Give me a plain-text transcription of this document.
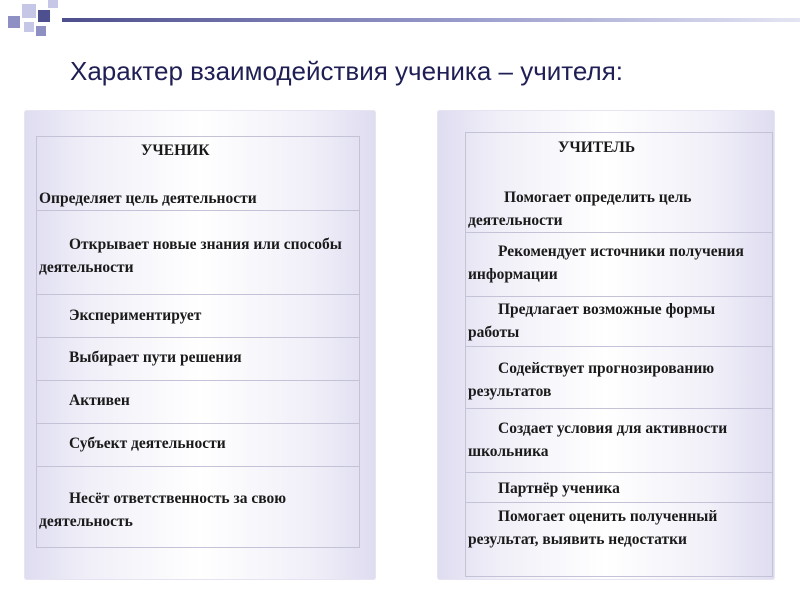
Характер взаимодействия ученика – учителя:
УЧЕНИК
Определяет цель деятельности
Открывает новые знания или способы деятельности
Экспериментирует
Выбирает пути решения
Активен
Субъект деятельности
Несёт ответственность за свою деятельность
УЧИТЕЛЬ
Помогает определить цель деятельности
Рекомендует источники получения информации
Предлагает возможные формы работы
Содействует прогнозированию результатов
Создает условия для активности школьника
Партнёр ученика
Помогает оценить полученный результат, выявить недостатки
